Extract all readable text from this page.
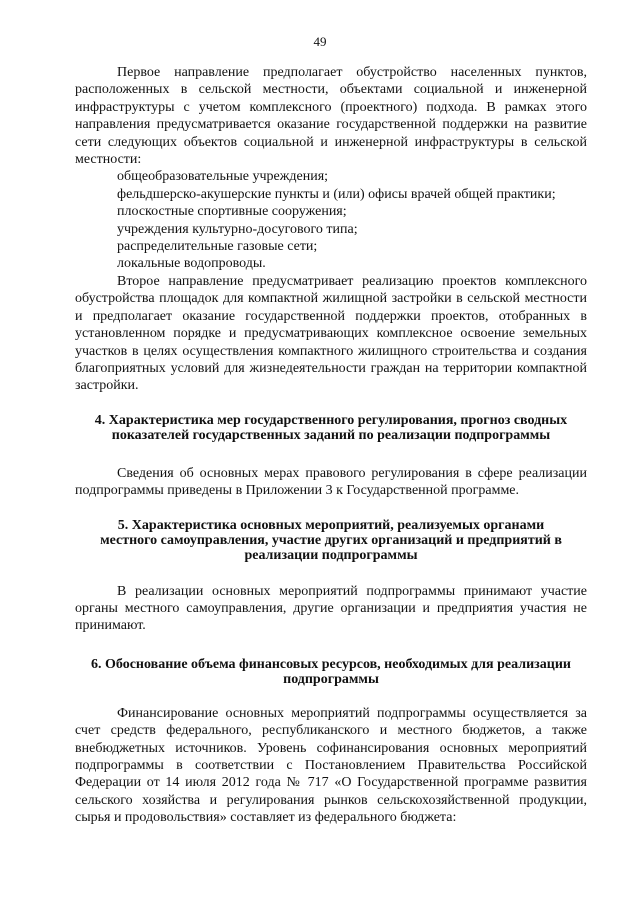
49

Первое направление предполагает обустройство населенных пунктов, расположенных в сельской местности, объектами социальной и инженерной инфраструктуры с учетом комплексного (проектного) подхода. В рамках этого направления предусматривается оказание государственной поддержки на развитие сети следующих объектов социальной и инженерной инфраструктуры в сельской местности:

общеобразовательные учреждения;

фельдшерско-акушерские пункты и (или) офисы врачей общей практики;

плоскостные спортивные сооружения;

учреждения культурно-досугового типа;

распределительные газовые сети;

локальные водопроводы.

Второе направление предусматривает реализацию проектов комплексного обустройства площадок для компактной жилищной застройки в сельской местности и предполагает оказание государственной поддержки проектов, отобранных в установленном порядке и предусматривающих комплексное освоение земельных участков в целях осуществления компактного жилищного строительства и создания благоприятных условий для жизнедеятельности граждан на территории компактной застройки.

4. Характеристика мер государственного регулирования, прогноз сводных показателей государственных заданий по реализации подпрограммы

Сведения об основных мерах правового регулирования в сфере реализации подпрограммы приведены в Приложении 3 к Государственной программе.

5. Характеристика основных мероприятий, реализуемых органами местного самоуправления, участие других организаций и предприятий в реализации подпрограммы

В реализации основных мероприятий подпрограммы принимают участие органы местного самоуправления, другие организации и предприятия участия не принимают.

6. Обоснование объема финансовых ресурсов, необходимых для реализации подпрограммы

Финансирование основных мероприятий подпрограммы осуществляется за счет средств федерального, республиканского и местного бюджетов, а также внебюджетных источников. Уровень софинансирования основных мероприятий подпрограммы в соответствии с Постановлением Правительства Российской Федерации от 14 июля 2012 года № 717 «О Государственной программе развития сельского хозяйства и регулирования рынков сельскохозяйственной продукции, сырья и продовольствия» составляет из федерального бюджета:
